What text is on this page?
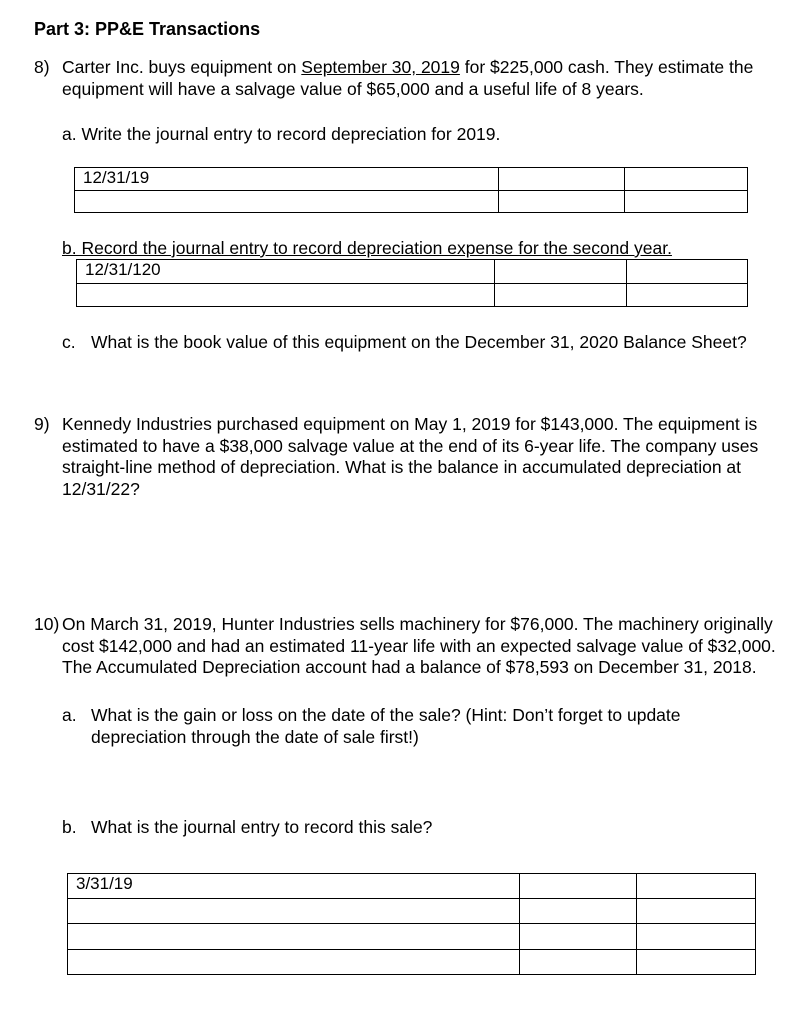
Part 3: PP&E Transactions
8) Carter Inc. buys equipment on September 30, 2019 for $225,000 cash. They estimate the equipment will have a salvage value of $65,000 and a useful life of 8 years.
a. Write the journal entry to record depreciation for 2019.
12/31/19		

b. Record the journal entry to record depreciation expense for the second year.
12/31/120		

c. What is the book value of this equipment on the December 31, 2020 Balance Sheet?
9) Kennedy Industries purchased equipment on May 1, 2019 for $143,000. The equipment is estimated to have a $38,000 salvage value at the end of its 6-year life. The company uses straight-line method of depreciation. What is the balance in accumulated depreciation at 12/31/22?
10) On March 31, 2019, Hunter Industries sells machinery for $76,000. The machinery originally cost $142,000 and had an estimated 11-year life with an expected salvage value of $32,000. The Accumulated Depreciation account had a balance of $78,593 on December 31, 2018.
a. What is the gain or loss on the date of the sale? (Hint: Don’t forget to update depreciation through the date of sale first!)
b. What is the journal entry to record this sale?
3/31/19		
